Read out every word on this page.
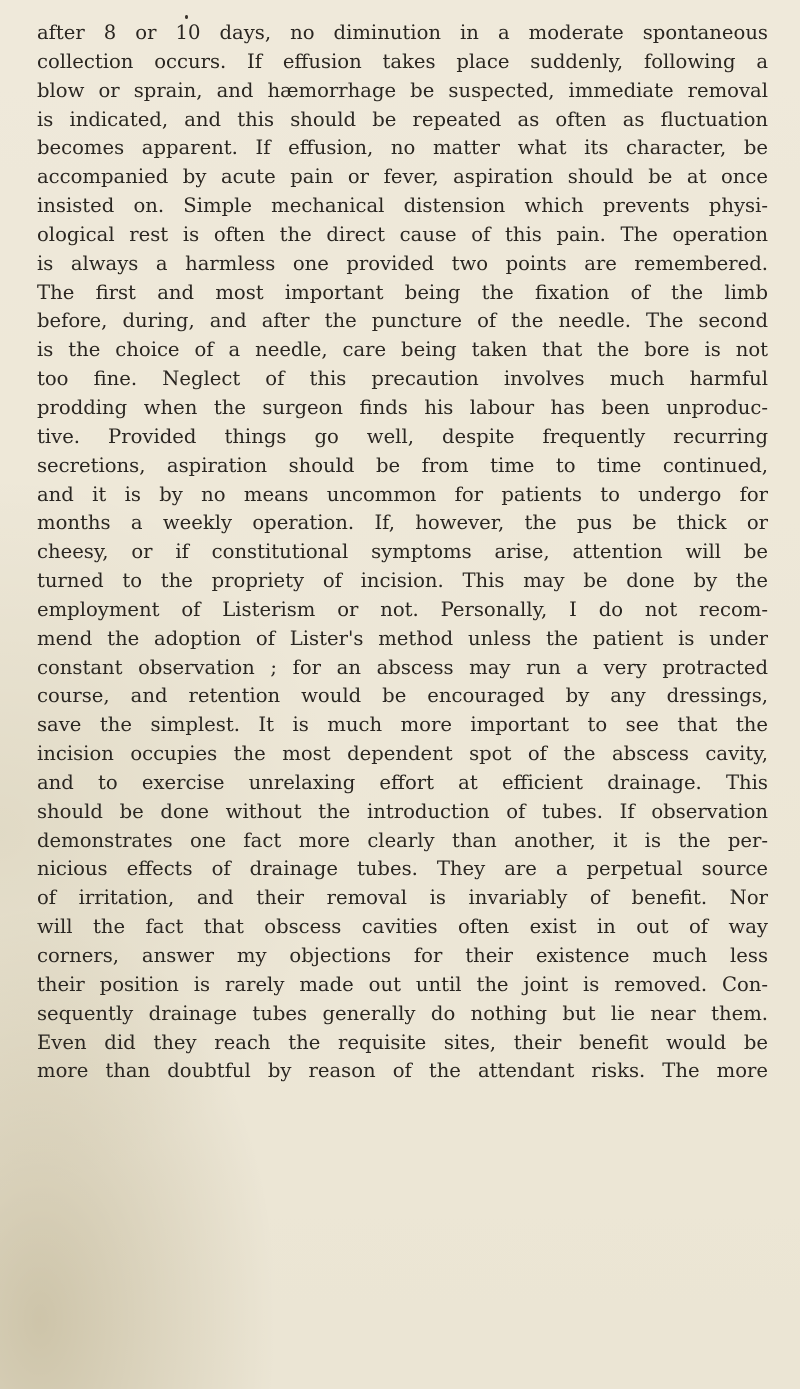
after 8 or 10 days, no diminution in a moderate spontaneous
collection occurs. If effusion takes place suddenly, following a
blow or sprain, and hæmorrhage be suspected, immediate removal
is indicated, and this should be repeated as often as fluctuation
becomes apparent. If effusion, no matter what its character, be
accompanied by acute pain or fever, aspiration should be at once
insisted on. Simple mechanical distension which prevents physi-
ological rest is often the direct cause of this pain. The operation
is always a harmless one provided two points are remembered.
The first and most important being the fixation of the limb
before, during, and after the puncture of the needle. The second
is the choice of a needle, care being taken that the bore is not
too fine. Neglect of this precaution involves much harmful
prodding when the surgeon finds his labour has been unproduc-
tive. Provided things go well, despite frequently recurring
secretions, aspiration should be from time to time continued,
and it is by no means uncommon for patients to undergo for
months a weekly operation. If, however, the pus be thick or
cheesy, or if constitutional symptoms arise, attention will be
turned to the propriety of incision. This may be done by the
employment of Listerism or not. Personally, I do not recom-
mend the adoption of Lister's method unless the patient is under
constant observation ; for an abscess may run a very protracted
course, and retention would be encouraged by any dressings,
save the simplest. It is much more important to see that the
incision occupies the most dependent spot of the abscess cavity,
and to exercise unrelaxing effort at efficient drainage. This
should be done without the introduction of tubes. If observation
demonstrates one fact more clearly than another, it is the per-
nicious effects of drainage tubes. They are a perpetual source
of irritation, and their removal is invariably of benefit. Nor
will the fact that obscess cavities often exist in out of way
corners, answer my objections for their existence much less
their position is rarely made out until the joint is removed. Con-
sequently drainage tubes generally do nothing but lie near them.
Even did they reach the requisite sites, their benefit would be
more than doubtful by reason of the attendant risks. The more
